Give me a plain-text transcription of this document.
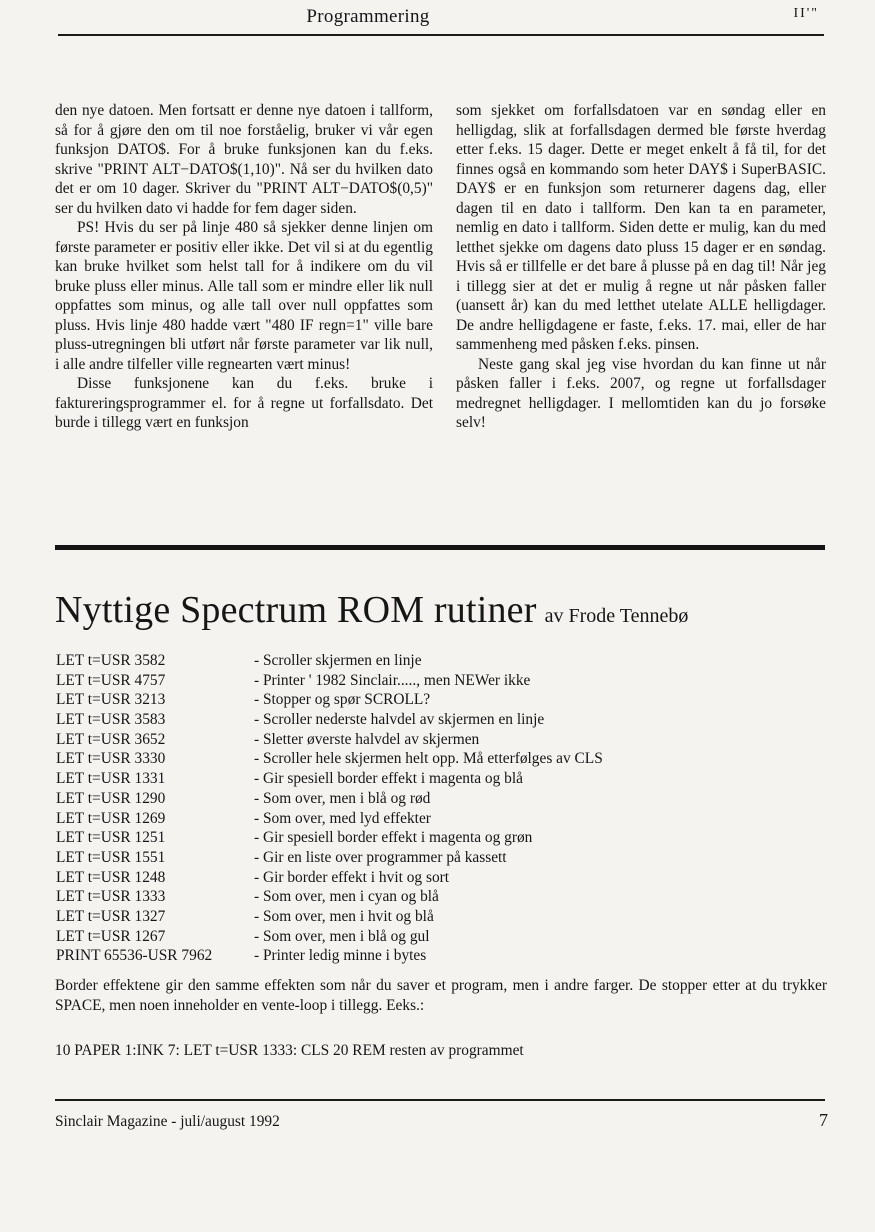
Programmering	II'"

den nye datoen. Men fortsatt er denne nye datoen i tallform, så for å gjøre den om til noe forståelig, bruker vi vår egen funksjon DATO$. For å bruke funksjonen kan du f.eks. skrive "PRINT ALT−DATO$(1,10)". Nå ser du hvilken dato det er om 10 dager. Skriver du "PRINT ALT−DATO$(0,5)" ser du hvilken dato vi hadde for fem dager siden.

PS! Hvis du ser på linje 480 så sjekker denne linjen om første parameter er positiv eller ikke. Det vil si at du egentlig kan bruke hvilket som helst tall for å indikere om du vil bruke pluss eller minus. Alle tall som er mindre eller lik null oppfattes som minus, og alle tall over null oppfattes som pluss. Hvis linje 480 hadde vært "480 IF regn=1" ville bare pluss-utregningen bli utført når første parameter var lik null, i alle andre tilfeller ville regnearten vært minus!

Disse funksjonene kan du f.eks. bruke i faktureringsprogrammer el. for å regne ut forfallsdato. Det burde i tillegg vært en funksjon

som sjekket om forfallsdatoen var en søndag eller en helligdag, slik at forfallsdagen dermed ble første hverdag etter f.eks. 15 dager. Dette er meget enkelt å få til, for det finnes også en kommando som heter DAY$ i SuperBASIC. DAY$ er en funksjon som returnerer dagens dag, eller dagen til en dato i tallform. Den kan ta en parameter, nemlig en dato i tallform. Siden dette er mulig, kan du med letthet sjekke om dagens dato pluss 15 dager er en søndag. Hvis så er tillfelle er det bare å plusse på en dag til! Når jeg i tillegg sier at det er mulig å regne ut når påsken faller (uansett år) kan du med letthet utelate ALLE helligdager. De andre helligdagene er faste, f.eks. 17. mai, eller de har sammenheng med påsken f.eks. pinsen.

Neste gang skal jeg vise hvordan du kan finne ut når påsken faller i f.eks. 2007, og regne ut forfallsdager medregnet helligdager. I mellomtiden kan du jo forsøke selv!

Nyttige Spectrum ROM rutiner av Frode Tennebø
LET t=USR 3582	- Scroller skjermen en linje
LET t=USR 4757	- Printer ' 1982 Sinclair....., men NEWer ikke
LET t=USR 3213	- Stopper og spør SCROLL?
LET t=USR 3583	- Scroller nederste halvdel av skjermen en linje
LET t=USR 3652	- Sletter øverste halvdel av skjermen
LET t=USR 3330	- Scroller hele skjermen helt opp. Må etterfølges av CLS
LET t=USR 1331	- Gir spesiell border effekt i magenta og blå
LET t=USR 1290	- Som over, men i blå og rød
LET t=USR 1269	- Som over, med lyd effekter
LET t=USR 1251	- Gir spesiell border effekt i magenta og grøn
LET t=USR 1551	- Gir en liste over programmer på kassett
LET t=USR 1248	- Gir border effekt i hvit og sort
LET t=USR 1333	- Som over, men i cyan og blå
LET t=USR 1327	- Som over, men i hvit og blå
LET t=USR 1267	- Som over, men i blå og gul
PRINT 65536-USR 7962	- Printer ledig minne i bytes
Border effektene gir den samme effekten som når du saver et program, men i andre farger. De stopper etter at du trykker SPACE, men noen inneholder en vente-loop i tillegg. Eeks.:
10 PAPER 1:INK 7: LET t=USR 1333: CLS 20 REM resten av programmet
Sinclair Magazine - juli/august 1992	7
